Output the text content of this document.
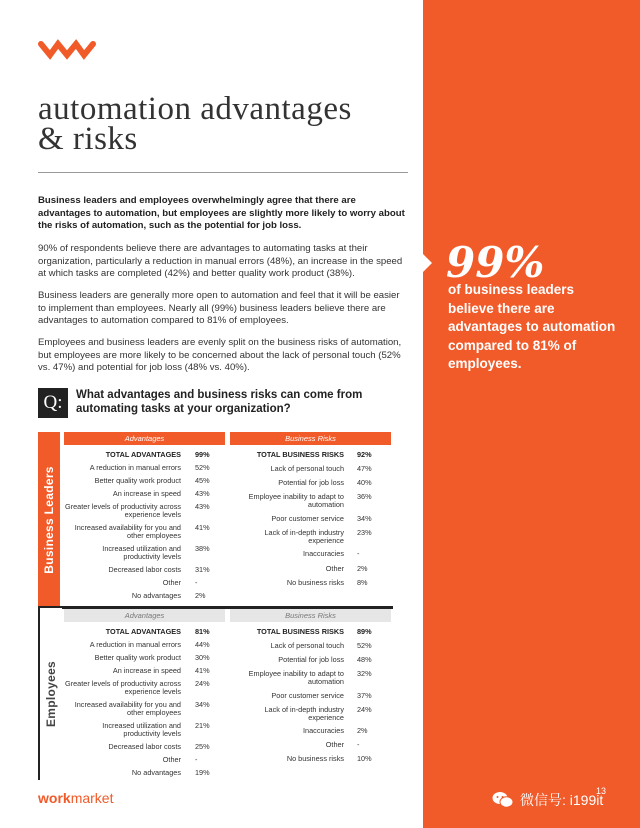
automation advantages
& risks
Business leaders and employees overwhelmingly agree that there are advantages to automation, but employees are slightly more likely to worry about the risks of automation, such as the potential for job loss.
90% of respondents believe there are advantages to automating tasks at their organization, particularly a reduction in manual errors (48%), an increase in the speed at which tasks are completed (42%) and better quality work product (38%).
Business leaders are generally more open to automation and feel that it will be easier to implement than employees. Nearly all (99%) business leaders believe there are advantages to automation compared to 81% of employees.
Employees and business leaders are evenly split on the business risks of automation, but employees are more likely to be concerned about the lack of personal touch (52% vs. 47%) and potential for job loss (48% vs. 40%).
Q:	What advantages and business risks can come from automating tasks at your organization?
Business Leaders
Employees
Advantages	Business Risks
Advantages	Business Risks
TOTAL ADVANTAGES 99%
A reduction in manual errors 52%
Better quality work product 45%
An increase in speed 43%
Greater levels of productivity across experience levels
43%
Increased availability for you and other employees
41%
Increased utilization and productivity levels
38%
Decreased labor costs 31%
Other -
No advantages 2%
TOTAL BUSINESS RISKS 92%
Lack of personal touch 47%
Potential for job loss 40%
Employee inability to adapt to automation
36%
Poor customer service 34%
Lack of in-depth industry experience
23%
Inaccuracies -
Other 2%
No business risks 8%
TOTAL ADVANTAGES 81%
A reduction in manual errors 44%
Better quality work product 30%
An increase in speed 41%
Greater levels of productivity across experience levels
24%
Increased availability for you and other employees
34%
Increased utilization and productivity levels
21%
Decreased labor costs 25%
Other -
No advantages 19%
TOTAL BUSINESS RISKS 89%
Lack of personal touch 52%
Potential for job loss 48%
Employee inability to adapt to automation
32%
Poor customer service 37%
Lack of in-depth industry experience
24%
Inaccuracies 2%
Other -
No business risks 10%
workmarket
99%
of business leaders believe there are advantages to automation compared to 81% of employees.
微信号: i199it
13
